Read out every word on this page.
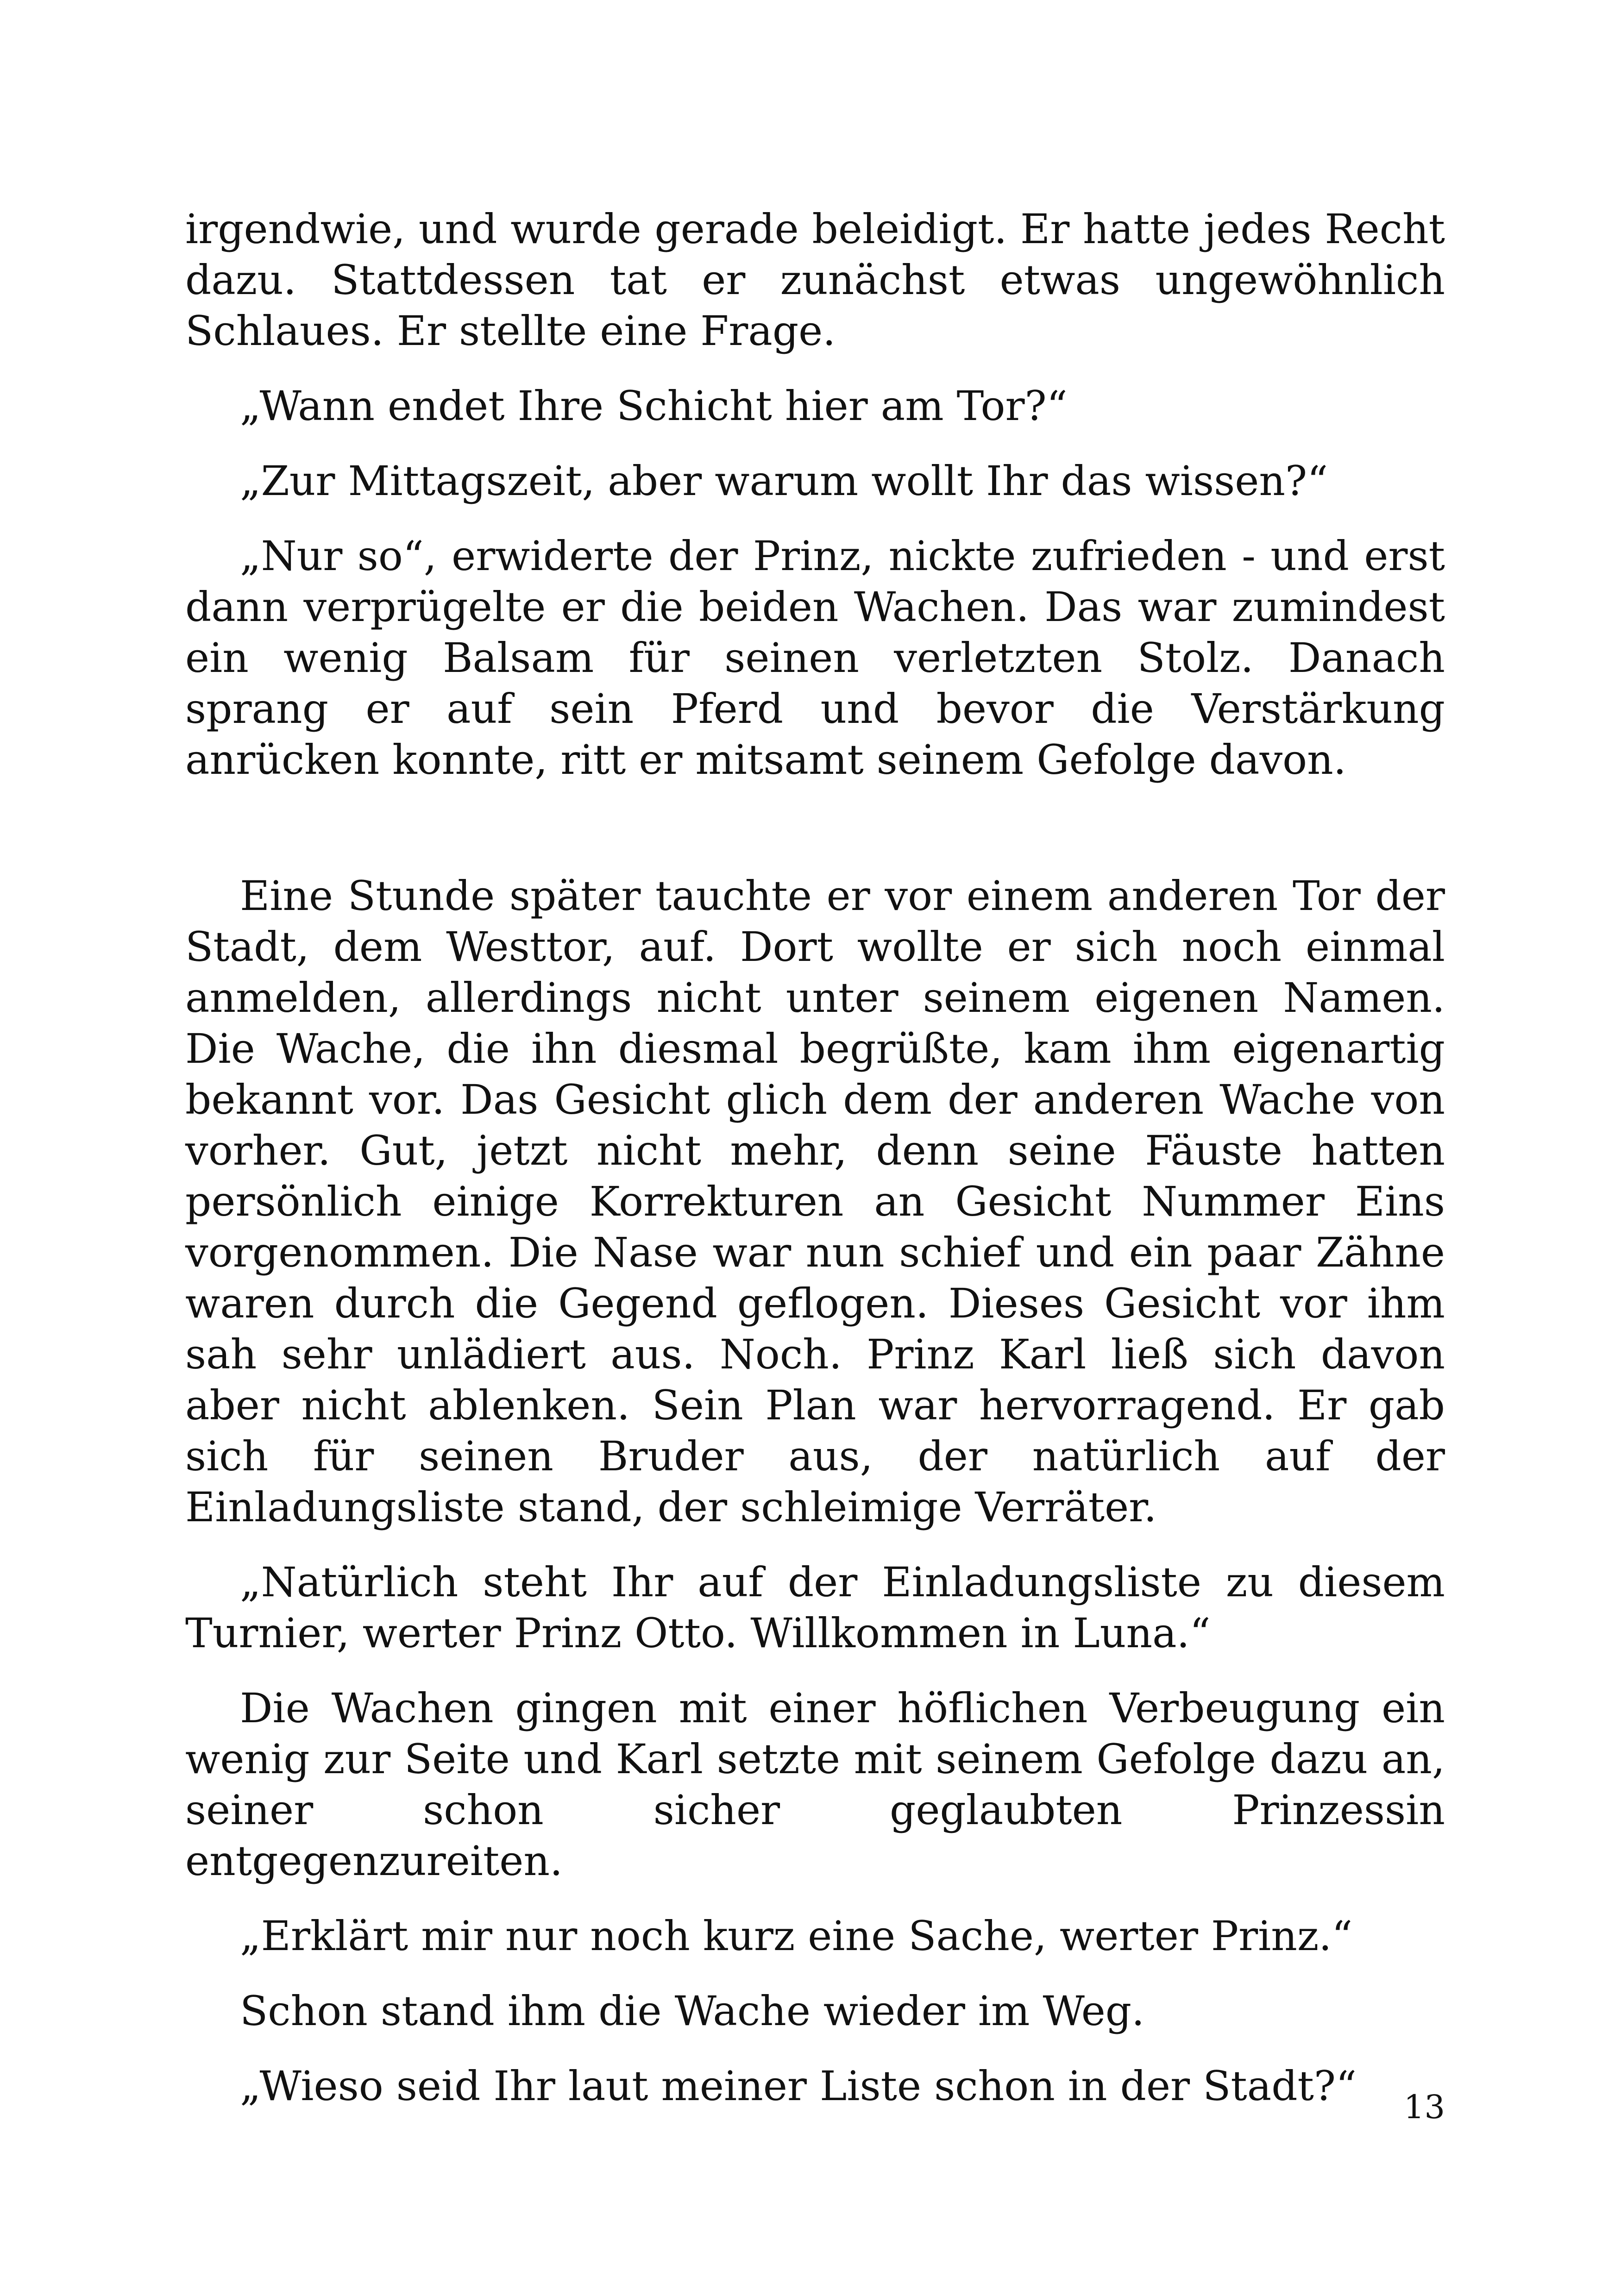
irgendwie, und wurde gerade beleidigt. Er hatte jedes Recht dazu. Stattdessen tat er zunächst etwas ungewöhnlich Schlaues. Er stellte eine Frage.

„Wann endet Ihre Schicht hier am Tor?“

„Zur Mittagszeit, aber warum wollt Ihr das wissen?“

„Nur so“, erwiderte der Prinz, nickte zufrieden - und erst dann verprügelte er die beiden Wachen. Das war zumindest ein wenig Balsam für seinen verletzten Stolz. Danach sprang er auf sein Pferd und bevor die Verstärkung anrücken konnte, ritt er mitsamt seinem Gefolge davon.

Eine Stunde später tauchte er vor einem anderen Tor der Stadt, dem Westtor, auf. Dort wollte er sich noch einmal anmelden, allerdings nicht unter seinem eigenen Namen. Die Wache, die ihn diesmal begrüßte, kam ihm eigenartig bekannt vor. Das Gesicht glich dem der anderen Wache von vorher. Gut, jetzt nicht mehr, denn seine Fäuste hatten persönlich einige Korrekturen an Gesicht Nummer Eins vorgenommen. Die Nase war nun schief und ein paar Zähne waren durch die Gegend geflogen. Dieses Gesicht vor ihm sah sehr unlädiert aus. Noch. Prinz Karl ließ sich davon aber nicht ablenken. Sein Plan war hervorragend. Er gab sich für seinen Bruder aus, der natürlich auf der Einladungsliste stand, der schleimige Verräter.

„Natürlich steht Ihr auf der Einladungsliste zu diesem Turnier, werter Prinz Otto. Willkommen in Luna.“

Die Wachen gingen mit einer höflichen Verbeugung ein wenig zur Seite und Karl setzte mit seinem Gefolge dazu an, seiner schon sicher geglaubten Prinzessin entgegenzureiten.

„Erklärt mir nur noch kurz eine Sache, werter Prinz.“

Schon stand ihm die Wache wieder im Weg.

„Wieso seid Ihr laut meiner Liste schon in der Stadt?“	13
